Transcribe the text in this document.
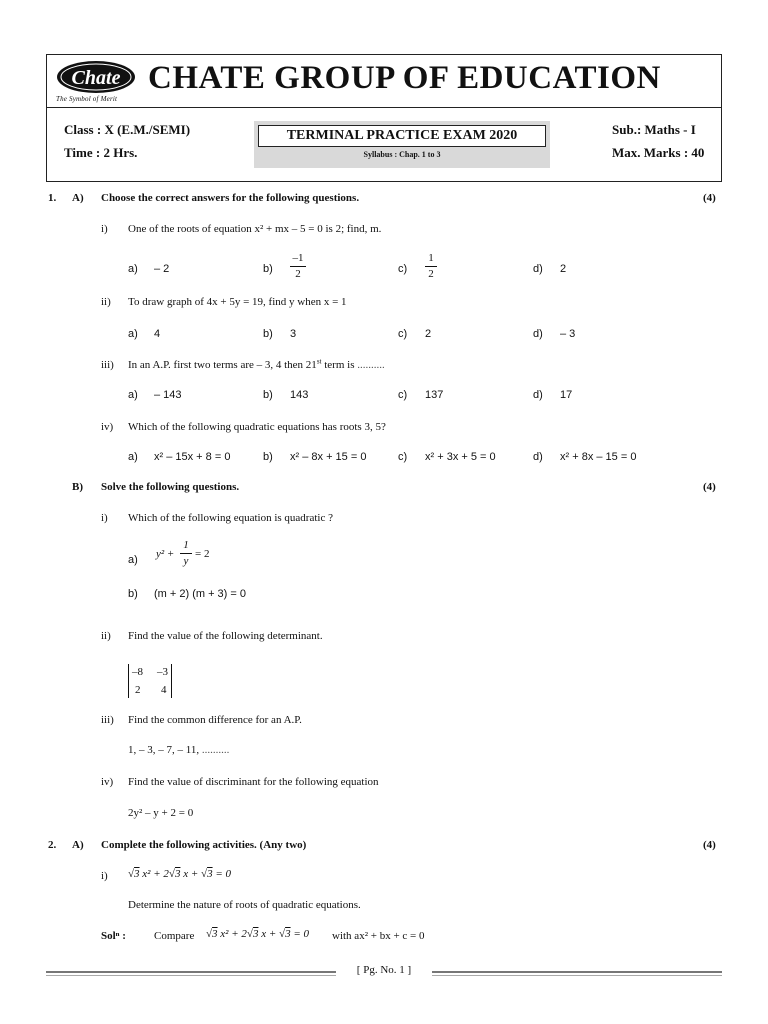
Chate
The Symbol of Merit
CHATE GROUP OF EDUCATION
Class : X (E.M./SEMI)
Time : 2 Hrs.
Sub.: Maths - I
Max. Marks : 40
TERMINAL PRACTICE EXAM 2020
Syllabus : Chap. 1 to 3
1. A) Choose the correct answers for the following questions.	(4)
i) One of the roots of equation x² + mx – 5 = 0 is 2; find, m.
a) – 2	b)
–1
2	c)
1
2	d) 2
ii) To draw graph of 4x + 5y = 19, find y when x = 1
a) 4	b) 3	c) 2	d) – 3
iii) In an A.P. first two terms are – 3, 4 then 21st term is ..........
a) – 143	b) 143	c) 137	d) 17
iv) Which of the following quadratic equations has roots 3, 5?
a) x² – 15x + 8 = 0	b) x² – 8x + 15 = 0	c) x² + 3x + 5 = 0	d) x² + 8x – 15 = 0
B) Solve the following questions.	(4)
i) Which of the following equation is quadratic ?
a) y² +
1
y
= 2
b) (m + 2) (m + 3) = 0
ii) Find the value of the following determinant.
–8 –3
2 4
iii) Find the common difference for an A.P.
1, – 3, – 7, – 11, ..........
iv) Find the value of discriminant for the following equation
2y² – y + 2 = 0
2. A) Complete the following activities. (Any two)	(4)
i) √3 x² + 2√3 x + √3 = 0
Determine the nature of roots of quadratic equations.
Solⁿ :	Compare √3 x² + 2√3 x + √3 = 0 with ax² + bx + c = 0
[ Pg. No. 1 ]
